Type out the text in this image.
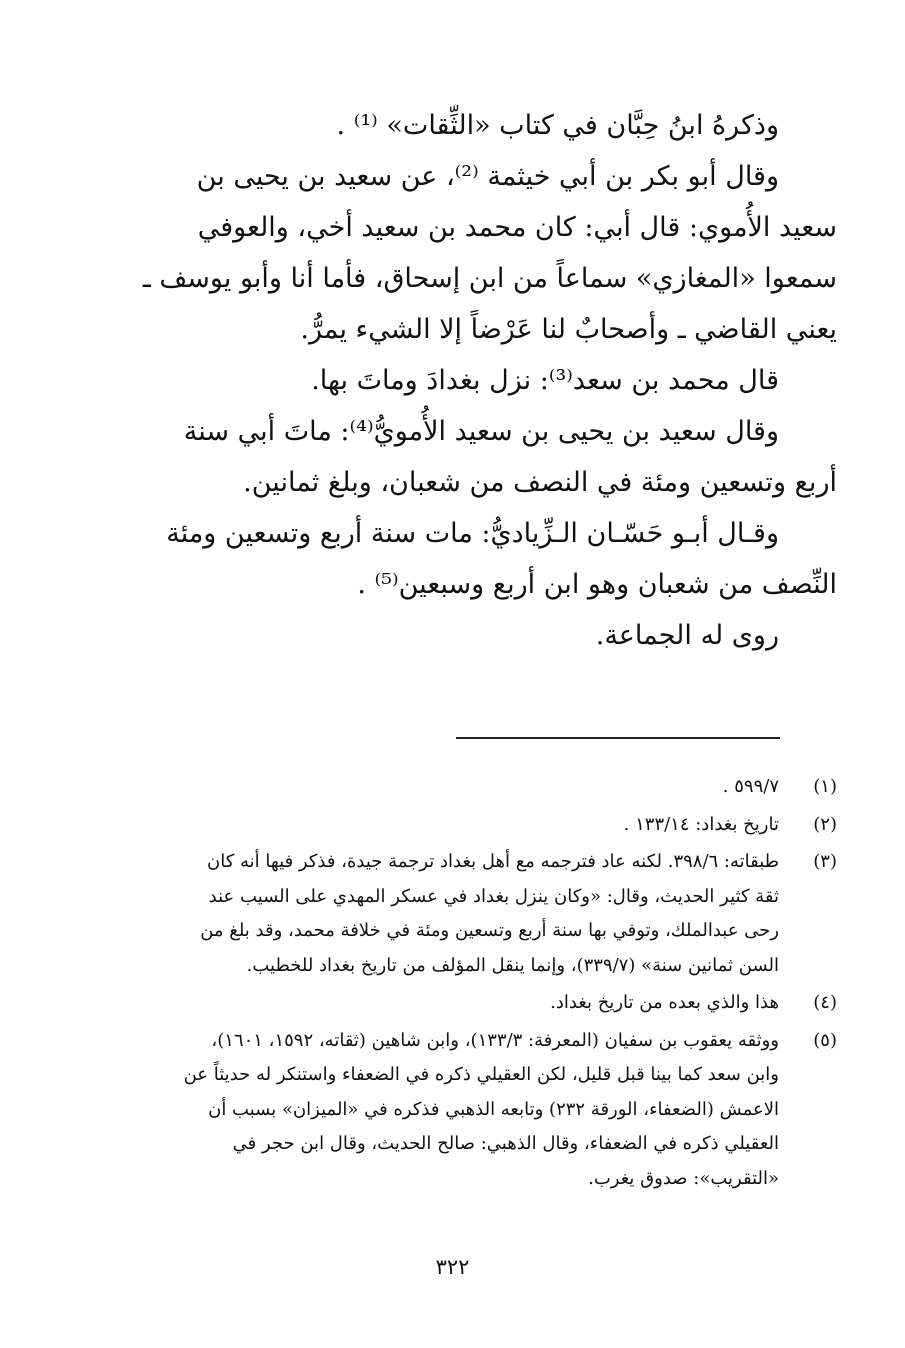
وذكرهُ ابنُ حِبَّان في كتاب «الثِّقات» ⁽¹⁾ .

وقال أبو بكر بن أبي خيثمة ⁽²⁾، عن سعيد بن يحيى بن
سعيد الأُموي: قال أبي: كان محمد بن سعيد أخي، والعوفي
سمعوا «المغازي» سماعاً من ابن إسحاق، فأما أنا وأبو يوسف ـ
يعني القاضي ـ وأصحابٌ لنا عَرْضاً إلا الشيء يمرُّ.

قال محمد بن سعد⁽³⁾: نزل بغدادَ وماتَ بها.

وقال سعيد بن يحيى بن سعيد الأُمويُّ⁽⁴⁾: ماتَ أبي سنة
أربع وتسعين ومئة في النصف من شعبان، وبلغ ثمانين.

وقـال أبـو حَسّـان الـزِّياديُّ: مات سنة أربع وتسعين ومئة
النِّصف من شعبان وهو ابن أربع وسبعين⁽⁵⁾ .

روى له الجماعة.

(١)
٥٩٩/٧ .
(٢)
تاريخ بغداد: ١٣٣/١٤ .
(٣)
طبقاته: ٣٩٨/٦. لكنه عاد فترجمه مع أهل بغداد ترجمة جيدة، فذكر فيها أنه كان
ثقة كثير الحديث، وقال: «وكان ينزل بغداد في عسكر المهدي على السيب عند
رحى عبدالملك، وتوفي بها سنة أربع وتسعين ومئة في خلافة محمد، وقد بلغ من
السن ثمانين سنة» (٣٣٩/٧)، وإنما ينقل المؤلف من تاريخ بغداد للخطيب.
(٤)
هذا والذي بعده من تاريخ بغداد.
(٥)
ووثقه يعقوب بن سفيان (المعرفة: ١٣٣/٣)، وابن شاهين (ثقاته، ١٥٩٢، ١٦٠١)،
وابن سعد كما بينا قبل قليل، لكن العقيلي ذكره في الضعفاء واستنكر له حديثاً عن
الاعمش (الضعفاء، الورقة ٢٣٢) وتابعه الذهبي فذكره في «الميزان» بسبب أن
العقيلي ذكره في الضعفاء، وقال الذهبي: صالح الحديث، وقال ابن حجر في
«التقريب»: صدوق يغرب.
٣٢٢
